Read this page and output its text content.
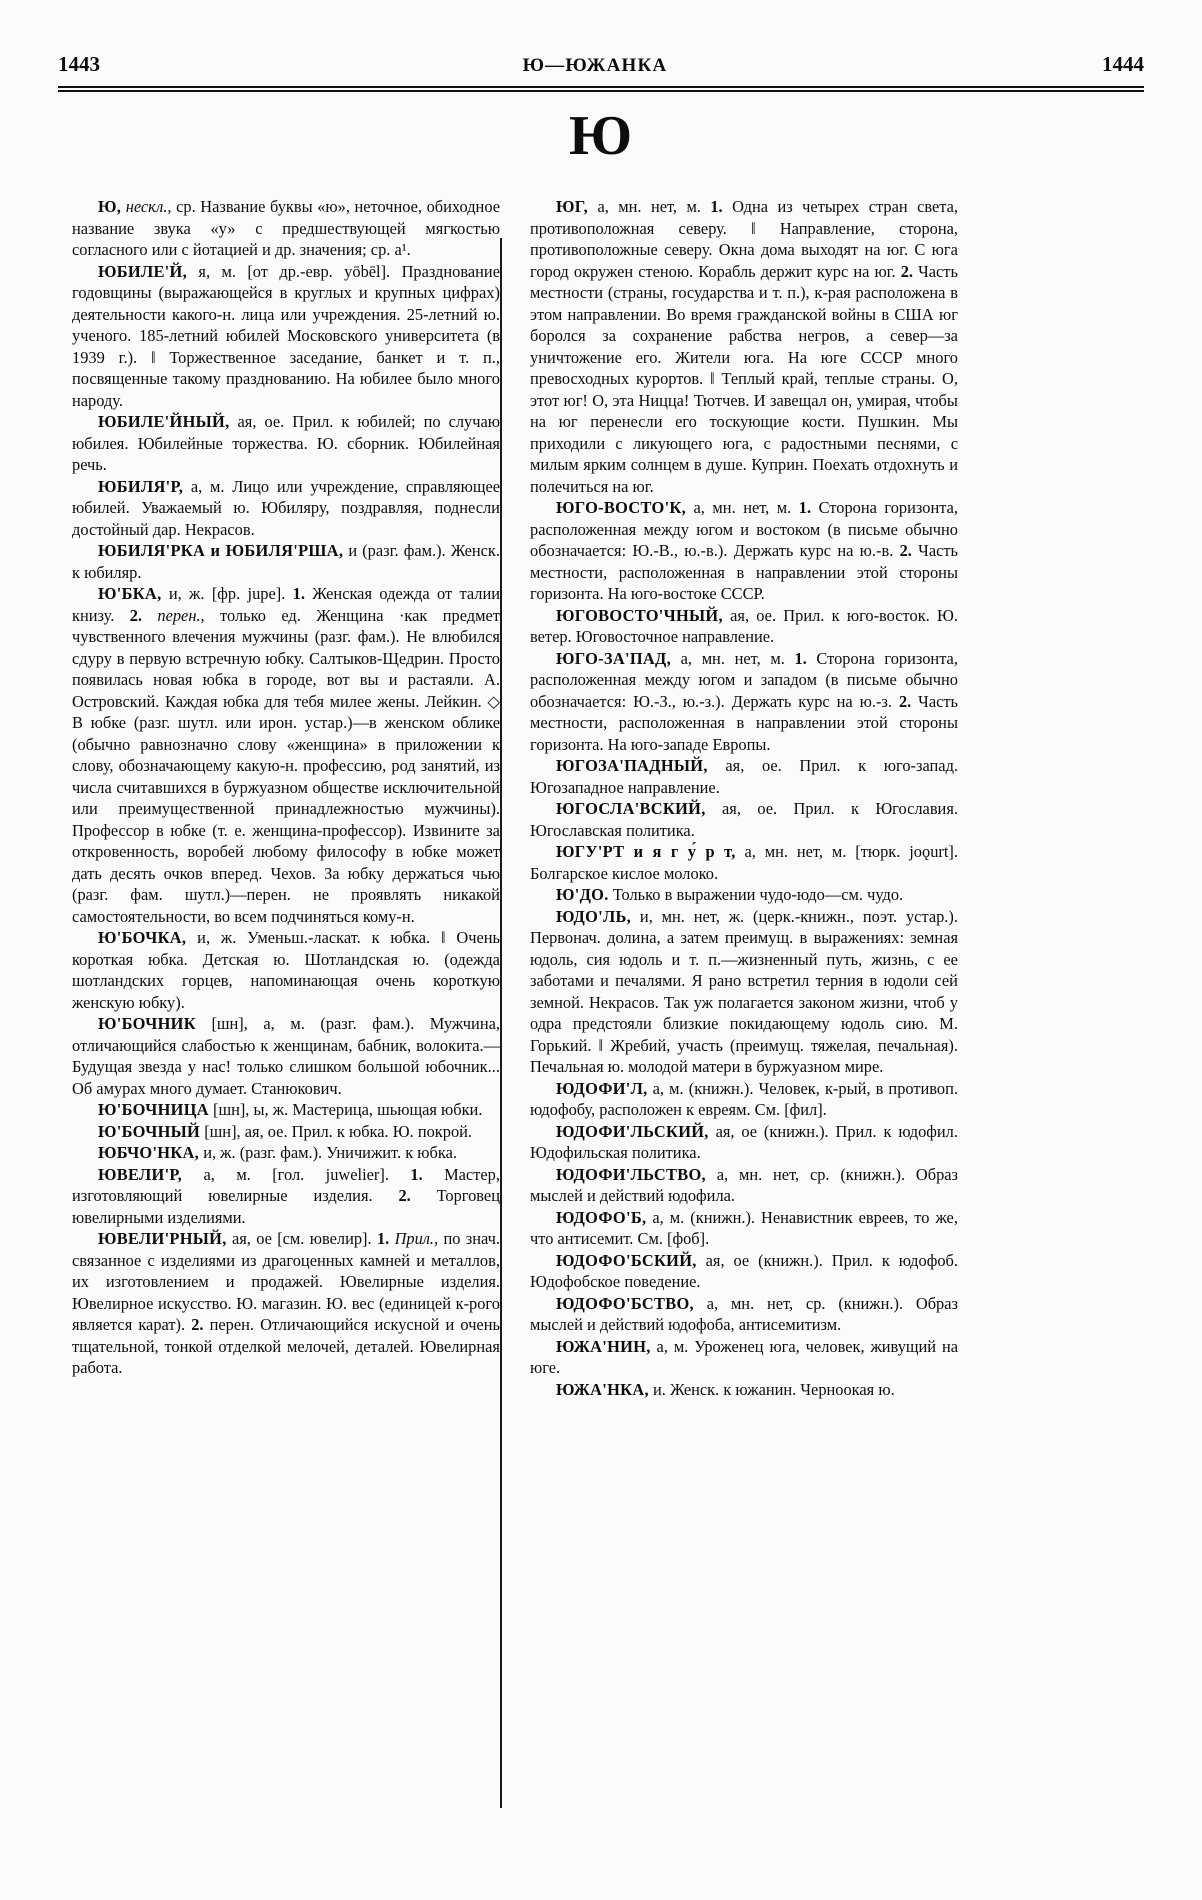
1443	Ю—ЮЖАНКА	1444
Ю

Ю, нескл., ср. Название буквы «ю», неточное, обиходное название звука «у» с предшествующей мягкостью согласного или с йотацией и др. значения; ср. а¹.

ЮБИЛЕ'Й, я, м. [от др.-евр. yōbēl]. Празднование годовщины (выражающейся в круглых и крупных цифрах) деятельности какого-н. лица или учреждения. 25-летний ю. ученого. 185-летний юбилей Московского университета (в 1939 г.). ‖ Торжественное заседание, банкет и т. п., посвященные такому празднованию. На юбилее было много народу.

ЮБИЛЕ'ЙНЫЙ, ая, ое. Прил. к юбилей; по случаю юбилея. Юбилейные торжества. Ю. сборник. Юбилейная речь.

ЮБИЛЯ'Р, а, м. Лицо или учреждение, справляющее юбилей. Уважаемый ю. Юбиляру, поздравляя, поднесли достойный дар. Некрасов.

ЮБИЛЯ'РКА и ЮБИЛЯ'РША, и (разг. фам.). Женск. к юбиляр.

Ю'БКА, и, ж. [фр. jupe]. 1. Женская одежда от талии книзу. 2. перен., только ед. Женщина ·как предмет чувственного влечения мужчины (разг. фам.). Не влюбился сдуру в первую встречную юбку. Салтыков-Щедрин. Просто появилась новая юбка в городе, вот вы и растаяли. А. Островский. Каждая юбка для тебя милее жены. Лейкин. ◇ В юбке (разг. шутл. или ирон. устар.)—в женском облике (обычно равнозначно слову «женщина» в приложении к слову, обозначающему какую-н. профессию, род занятий, из числа считавшихся в буржуазном обществе исключительной или преимущественной принадлежностью мужчины). Профессор в юбке (т. е. женщина-профессор). Извините за откровенность, воробей любому философу в юбке может дать десять очков вперед. Чехов. За юбку держаться чью (разг. фам. шутл.)—перен. не проявлять никакой самостоятельности, во всем подчиняться кому-н.

Ю'БОЧКА, и, ж. Уменьш.-ласкат. к юбка. ‖ Очень короткая юбка. Детская ю. Шотландская ю. (одежда шотландских горцев, напоминающая очень короткую женскую юбку).

Ю'БОЧНИК [шн], а, м. (разг. фам.). Мужчина, отличающийся слабостью к женщинам, бабник, волокита.—Будущая звезда у нас! только слишком большой юбочник... Об амурах много думает. Станюкович.

Ю'БОЧНИЦА [шн], ы, ж. Мастерица, шьющая юбки.

Ю'БОЧНЫЙ [шн], ая, ое. Прил. к юбка. Ю. покрой.

ЮБЧО'НКА, и, ж. (разг. фам.). Уничижит. к юбка.

ЮВЕЛИ'Р, а, м. [гол. juwelier]. 1. Мастер, изготовляющий ювелирные изделия. 2. Торговец ювелирными изделиями.

ЮВЕЛИ'РНЫЙ, ая, ое [см. ювелир]. 1. Прил., по знач. связанное с изделиями из драгоценных камней и металлов, их изготовлением и продажей. Ювелирные изделия. Ювелирное искусство. Ю. магазин. Ю. вес (единицей к-рого является карат). 2. перен. Отличающийся искусной и очень тщательной, тонкой отделкой мелочей, деталей. Ювелирная работа.

ЮГ, а, мн. нет, м. 1. Одна из четырех стран света, противоположная северу. ‖ Направление, сторона, противоположные северу. Окна дома выходят на юг. С юга город окружен стеною. Корабль держит курс на юг. 2. Часть местности (страны, государства и т. п.), к-рая расположена в этом направлении. Во время гражданской войны в США юг боролся за сохранение рабства негров, а север—за уничтожение его. Жители юга. На юге СССР много превосходных курортов. ‖ Теплый край, теплые страны. О, этот юг! О, эта Ницца! Тютчев. И завещал он, умирая, чтобы на юг перенесли его тоскующие кости. Пушкин. Мы приходили с ликующего юга, с радостными песнями, с милым ярким солнцем в душе. Куприн. Поехать отдохнуть и полечиться на юг.

ЮГО-ВОСТО'К, а, мн. нет, м. 1. Сторона горизонта, расположенная между югом и востоком (в письме обычно обозначается: Ю.-В., ю.-в.). Держать курс на ю.-в. 2. Часть местности, расположенная в направлении этой стороны горизонта. На юго-востоке СССР.

ЮГОВОСТО'ЧНЫЙ, ая, ое. Прил. к юго-восток. Ю. ветер. Юговосточное направление.

ЮГО-ЗА'ПАД, а, мн. нет, м. 1. Сторона горизонта, расположенная между югом и западом (в письме обычно обозначается: Ю.-З., ю.-з.). Держать курс на ю.-з. 2. Часть местности, расположенная в направлении этой стороны горизонта. На юго-западе Европы.

ЮГОЗА'ПАДНЫЙ, ая, ое. Прил. к юго-запад. Югозападное направление.

ЮГОСЛА'ВСКИЙ, ая, ое. Прил. к Югославия. Югославская политика.

ЮГУ'РТ и я г у́ р т, а, мн. нет, м. [тюрк. joǫurt]. Болгарское кислое молоко.

Ю'ДО. Только в выражении чудо-юдо—см. чудо.

ЮДО'ЛЬ, и, мн. нет, ж. (церк.-книжн., поэт. устар.). Первонач. долина, а затем преимущ. в выражениях: земная юдоль, сия юдоль и т. п.—жизненный путь, жизнь, с ее заботами и печалями. Я рано встретил терния в юдоли сей земной. Некрасов. Так уж полагается законом жизни, чтоб у одра предстояли близкие покидающему юдоль сию. М. Горький. ‖ Жребий, участь (преимущ. тяжелая, печальная). Печальная ю. молодой матери в буржуазном мире.

ЮДОФИ'Л, а, м. (книжн.). Человек, к-рый, в противоп. юдофобу, расположен к евреям. См. [фил].

ЮДОФИ'ЛЬСКИЙ, ая, ое (книжн.). Прил. к юдофил. Юдофильская политика.

ЮДОФИ'ЛЬСТВО, а, мн. нет, ср. (книжн.). Образ мыслей и действий юдофила.

ЮДОФО'Б, а, м. (книжн.). Ненавистник евреев, то же, что антисемит. См. [фоб].

ЮДОФО'БСКИЙ, ая, ое (книжн.). Прил. к юдофоб. Юдофобское поведение.

ЮДОФО'БСТВО, а, мн. нет, ср. (книжн.). Образ мыслей и действий юдофоба, антисемитизм.

ЮЖА'НИН, а, м. Уроженец юга, человек, живущий на юге.

ЮЖА'НКА, и. Женск. к южанин. Черноокая ю.
